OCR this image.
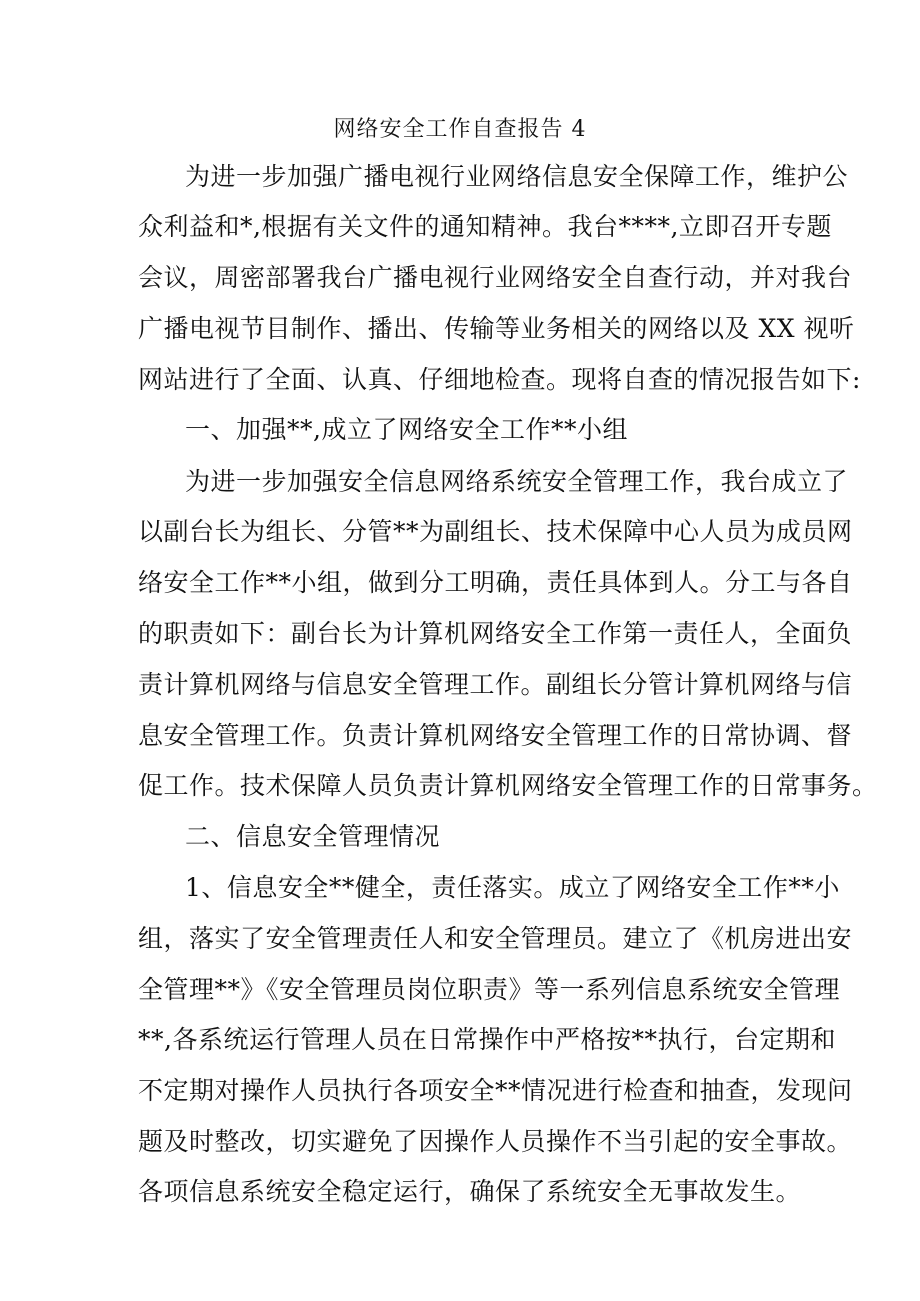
网络安全工作自查报告 4
为进一步加强广播电视行业网络信息安全保障工作，维护公
众利益和*,根据有关文件的通知精神。我台****,立即召开专题
会议，周密部署我台广播电视行业网络安全自查行动，并对我台
广播电视节目制作、播出、传输等业务相关的网络以及 XX 视听
网站进行了全面、认真、仔细地检查。现将自查的情况报告如下:
一、加强**,成立了网络安全工作**小组
为进一步加强安全信息网络系统安全管理工作，我台成立了
以副台长为组长、分管**为副组长、技术保障中心人员为成员网
络安全工作**小组，做到分工明确，责任具体到人。分工与各自
的职责如下：副台长为计算机网络安全工作第一责任人，全面负
责计算机网络与信息安全管理工作。副组长分管计算机网络与信
息安全管理工作。负责计算机网络安全管理工作的日常协调、督
促工作。技术保障人员负责计算机网络安全管理工作的日常事务。
二、信息安全管理情况
1、信息安全**健全，责任落实。成立了网络安全工作**小
组，落实了安全管理责任人和安全管理员。建立了《机房进出安
全管理**》《安全管理员岗位职责》等一系列信息系统安全管理
**,各系统运行管理人员在日常操作中严格按**执行，台定期和
不定期对操作人员执行各项安全**情况进行检查和抽查，发现问
题及时整改，切实避免了因操作人员操作不当引起的安全事故。
各项信息系统安全稳定运行，确保了系统安全无事故发生。
